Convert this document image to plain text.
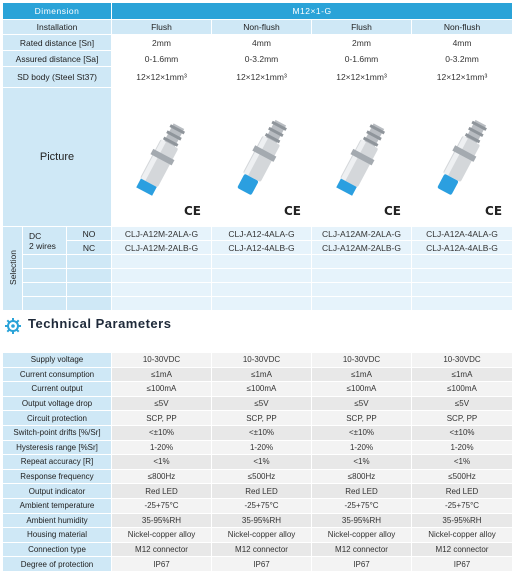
Dimension			M12×1-G			
Installation			Flush	Non-flush	Flush	Non-flush
Rated distance [Sn]			2mm	4mm	2mm	4mm
Assured distance [Sa]			0-1.6mm	0-3.2mm	0-1.6mm	0-3.2mm
SD body (Steel St37)			12×12×1mm³	12×12×1mm³	12×12×1mm³	12×12×1mm³
Picture			CE	CE	CE	CE

Selection	DC
2 wires	NO	CLJ-A12M-2ALA-G	CLJ-A12-4ALA-G	CLJ-A12AM-2ALA-G	CLJ-A12A-4ALA-G
		NC	CLJ-A12M-2ALB-G	CLJ-A12-4ALB-G	CLJ-A12AM-2ALB-G	CLJ-A12A-4ALB-G

Technical Parameters
Supply voltage	10-30VDC	10-30VDC	10-30VDC	10-30VDC
Current consumption	≤1mA	≤1mA	≤1mA	≤1mA
Current output	≤100mA	≤100mA	≤100mA	≤100mA
Output voltage drop	≤5V	≤5V	≤5V	≤5V
Circuit protection	SCP, PP	SCP, PP	SCP, PP	SCP, PP
Switch-point drifts [%/Sr]	<±10%	<±10%	<±10%	<±10%
Hysteresis range [%Sr]	1-20%	1-20%	1-20%	1-20%
Repeat accuracy [R]	<1%	<1%	<1%	<1%
Response frequency	≤800Hz	≤500Hz	≤800Hz	≤500Hz
Output indicator	Red LED	Red LED	Red LED	Red LED
Ambient temperature	-25+75°C	-25+75°C	-25+75°C	-25+75°C
Ambient humidity	35-95%RH	35-95%RH	35-95%RH	35-95%RH
Housing material	Nickel-copper alloy	Nickel-copper alloy	Nickel-copper alloy	Nickel-copper alloy
Connection type	M12 connector	M12 connector	M12 connector	M12 connector
Degree of protection	IP67	IP67	IP67	IP67
